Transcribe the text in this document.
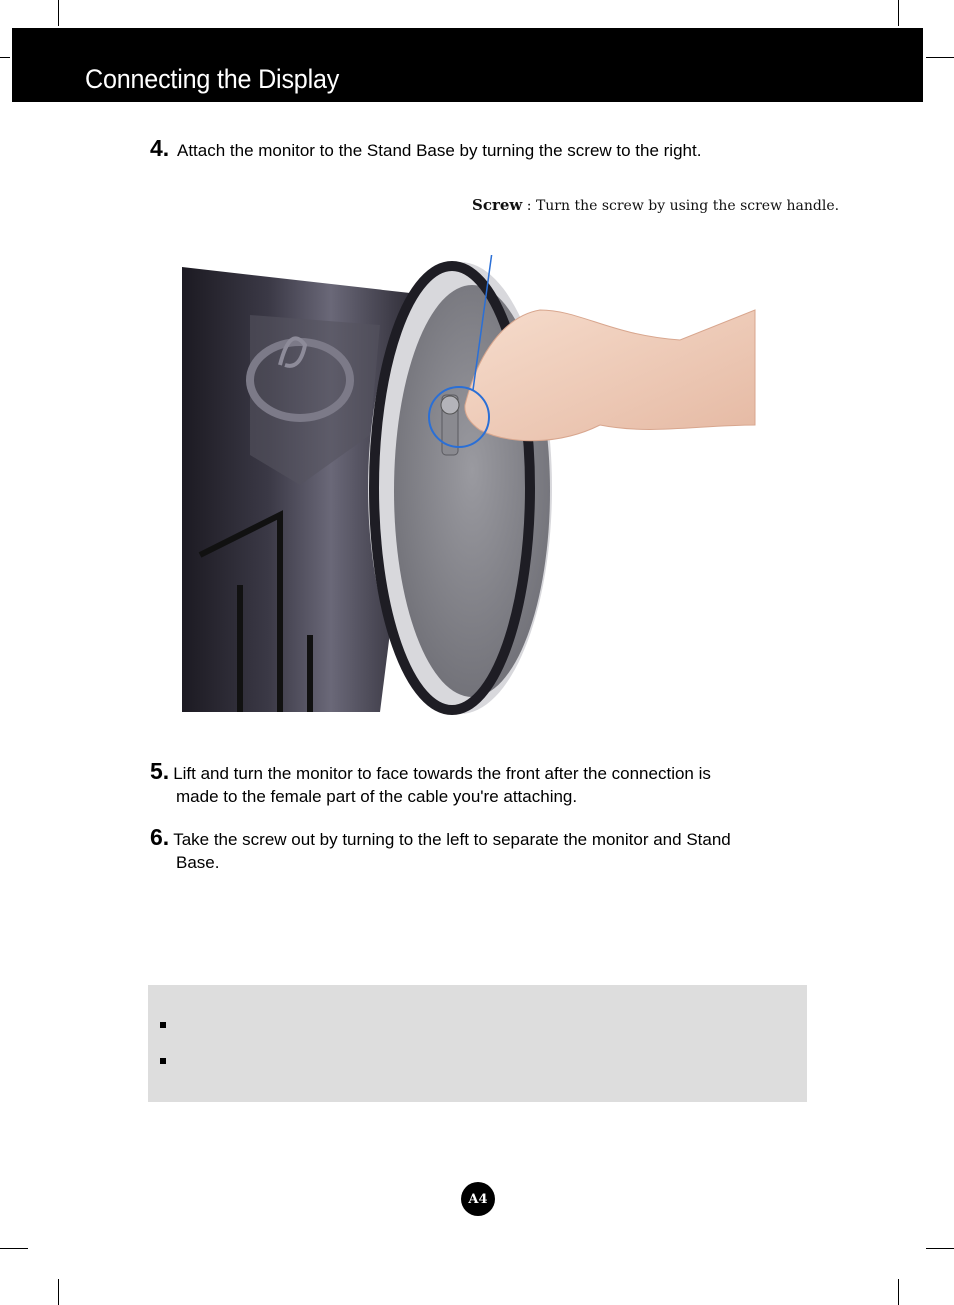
Connecting the Display
4. Attach the monitor to the Stand Base by turning the screw to the right.
Screw : Turn the screw by using the screw handle.
5. Lift and turn the monitor to face towards the front after the connection is
made to the female part of the cable you're attaching.
6. Take the screw out by turning to the left to separate the monitor and Stand
Base.
A4
